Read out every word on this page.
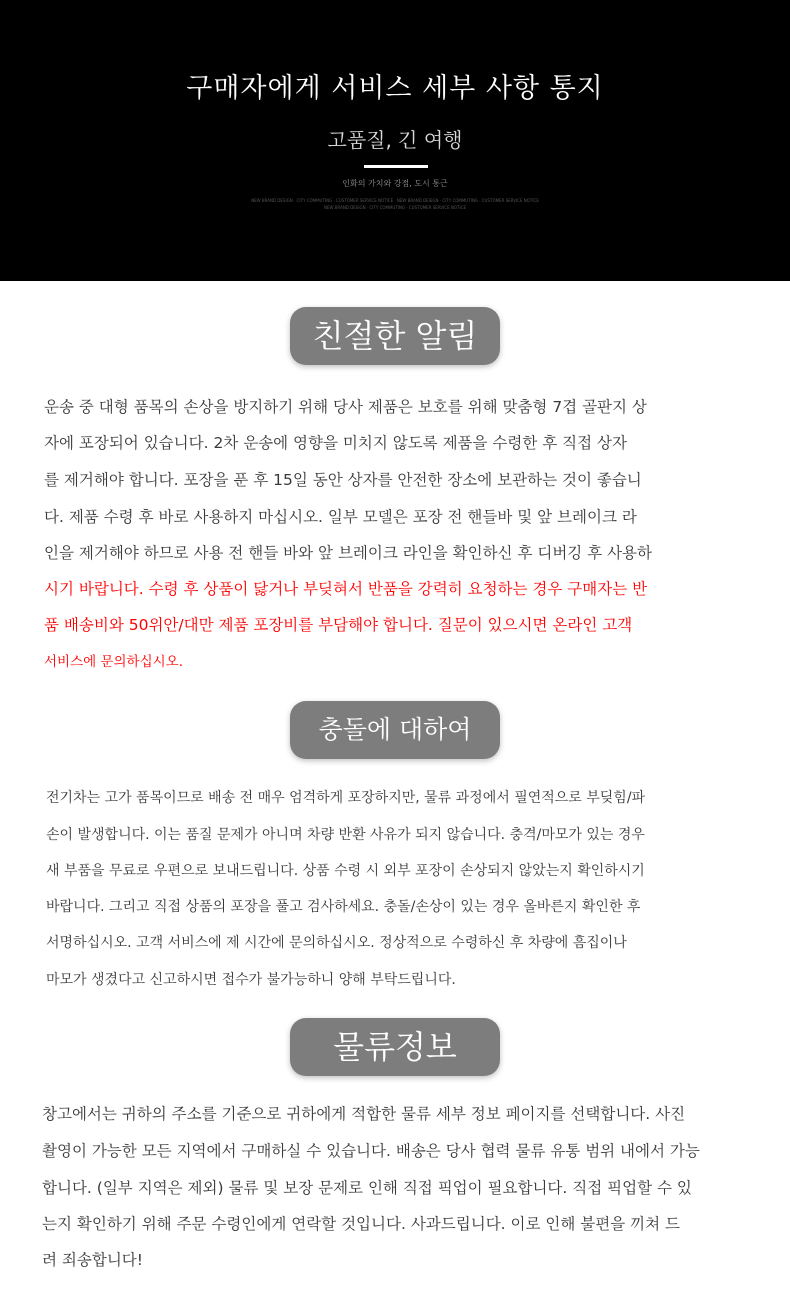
구매자에게 서비스 세부 사항 통지
고품질, 긴 여행
인화의 가치와 강점, 도시 통근
NEW BRAND DESIGN · CITY COMMUTING · CUSTOMER SERVICE NOTICE · NEW BRAND DESIGN · CITY COMMUTING · CUSTOMER SERVICE NOTICE
NEW BRAND DESIGN · CITY COMMUTING · CUSTOMER SERVICE NOTICE
친절한 알림
운송 중 대형 품목의 손상을 방지하기 위해 당사 제품은 보호를 위해 맞춤형 7겹 골판지 상
자에 포장되어 있습니다. 2차 운송에 영향을 미치지 않도록 제품을 수령한 후 직접 상자
를 제거해야 합니다. 포장을 푼 후 15일 동안 상자를 안전한 장소에 보관하는 것이 좋습니
다. 제품 수령 후 바로 사용하지 마십시오. 일부 모델은 포장 전 핸들바 및 앞 브레이크 라
인을 제거해야 하므로 사용 전 핸들 바와 앞 브레이크 라인을 확인하신 후 디버깅 후 사용하
시기 바랍니다. 수령 후 상품이 닳거나 부딪혀서 반품을 강력히 요청하는 경우 구매자는 반
품 배송비와 50위안/대만 제품 포장비를 부담해야 합니다. 질문이 있으시면 온라인 고객
서비스에 문의하십시오.
충돌에 대하여
전기차는 고가 품목이므로 배송 전 매우 엄격하게 포장하지만, 물류 과정에서 필연적으로 부딪힘/파
손이 발생합니다. 이는 품질 문제가 아니며 차량 반환 사유가 되지 않습니다. 충격/마모가 있는 경우
새 부품을 무료로 우편으로 보내드립니다. 상품 수령 시 외부 포장이 손상되지 않았는지 확인하시기
바랍니다. 그리고 직접 상품의 포장을 풀고 검사하세요. 충돌/손상이 있는 경우 올바른지 확인한 후
서명하십시오. 고객 서비스에 제 시간에 문의하십시오. 정상적으로 수령하신 후 차량에 흠집이나
마모가 생겼다고 신고하시면 접수가 불가능하니 양해 부탁드립니다.
물류정보
창고에서는 귀하의 주소를 기준으로 귀하에게 적합한 물류 세부 정보 페이지를 선택합니다. 사진
촬영이 가능한 모든 지역에서 구매하실 수 있습니다. 배송은 당사 협력 물류 유통 범위 내에서 가능
합니다. (일부 지역은 제외) 물류 및 보장 문제로 인해 직접 픽업이 필요합니다. 직접 픽업할 수 있
는지 확인하기 위해 주문 수령인에게 연락할 것입니다. 사과드립니다. 이로 인해 불편을 끼쳐 드
려 죄송합니다!
